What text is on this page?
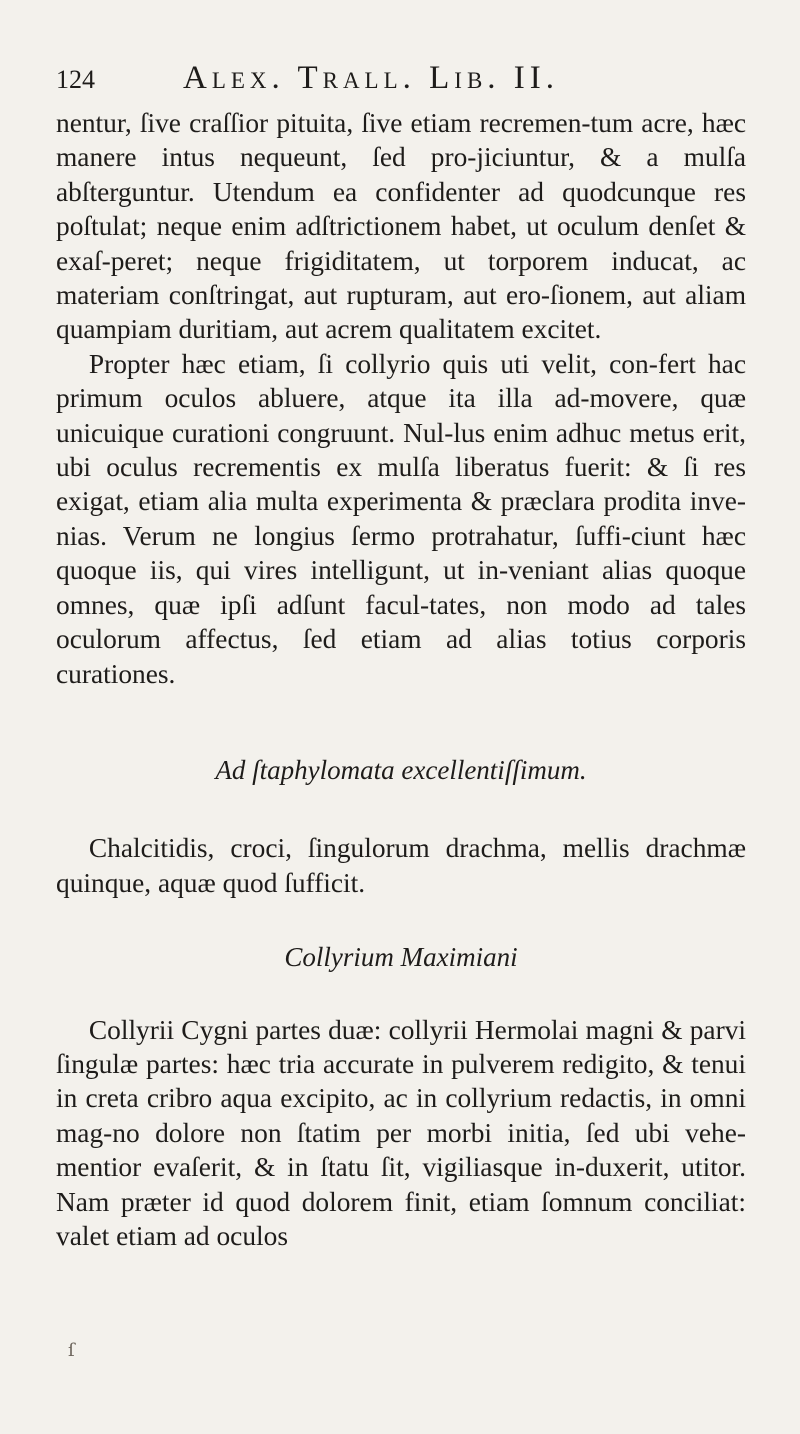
124	Alex. Trall. Lib. II.

nentur, ſive craſſior pituita, ſive etiam recremen-tum acre, hæc manere intus nequeunt, ſed pro-jiciuntur, & a mulſa abſterguntur. Utendum ea confidenter ad quodcunque res poſtulat; neque enim adſtrictionem habet, ut oculum denſet & exaſ-peret; neque frigiditatem, ut torporem inducat, ac materiam conſtringat, aut rupturam, aut ero-ſionem, aut aliam quampiam duritiam, aut acrem qualitatem excitet.

Propter hæc etiam, ſi collyrio quis uti velit, con-fert hac primum oculos abluere, atque ita illa ad-movere, quæ unicuique curationi congruunt. Nul-lus enim adhuc metus erit, ubi oculus recrementis ex mulſa liberatus fuerit: & ſi res exigat, etiam alia multa experimenta & præclara prodita inve-nias. Verum ne longius ſermo protrahatur, ſuffi-ciunt hæc quoque iis, qui vires intelligunt, ut in-veniant alias quoque omnes, quæ ipſi adſunt facul-tates, non modo ad tales oculorum affectus, ſed etiam ad alias totius corporis curationes.

Ad ſtaphylomata excellentiſſimum.

Chalcitidis, croci, ſingulorum drachma, mellis drachmæ quinque, aquæ quod ſufficit.

Collyrium Maximiani

Collyrii Cygni partes duæ: collyrii Hermolai magni & parvi ſingulæ partes: hæc tria accurate in pulverem redigito, & tenui in creta cribro aqua excipito, ac in collyrium redactis, in omni mag-no dolore non ſtatim per morbi initia, ſed ubi vehe-mentior evaſerit, & in ſtatu ſit, vigiliasque in-duxerit, utitor. Nam præter id quod dolorem finit, etiam ſomnum conciliat: valet etiam ad oculos

ſ
